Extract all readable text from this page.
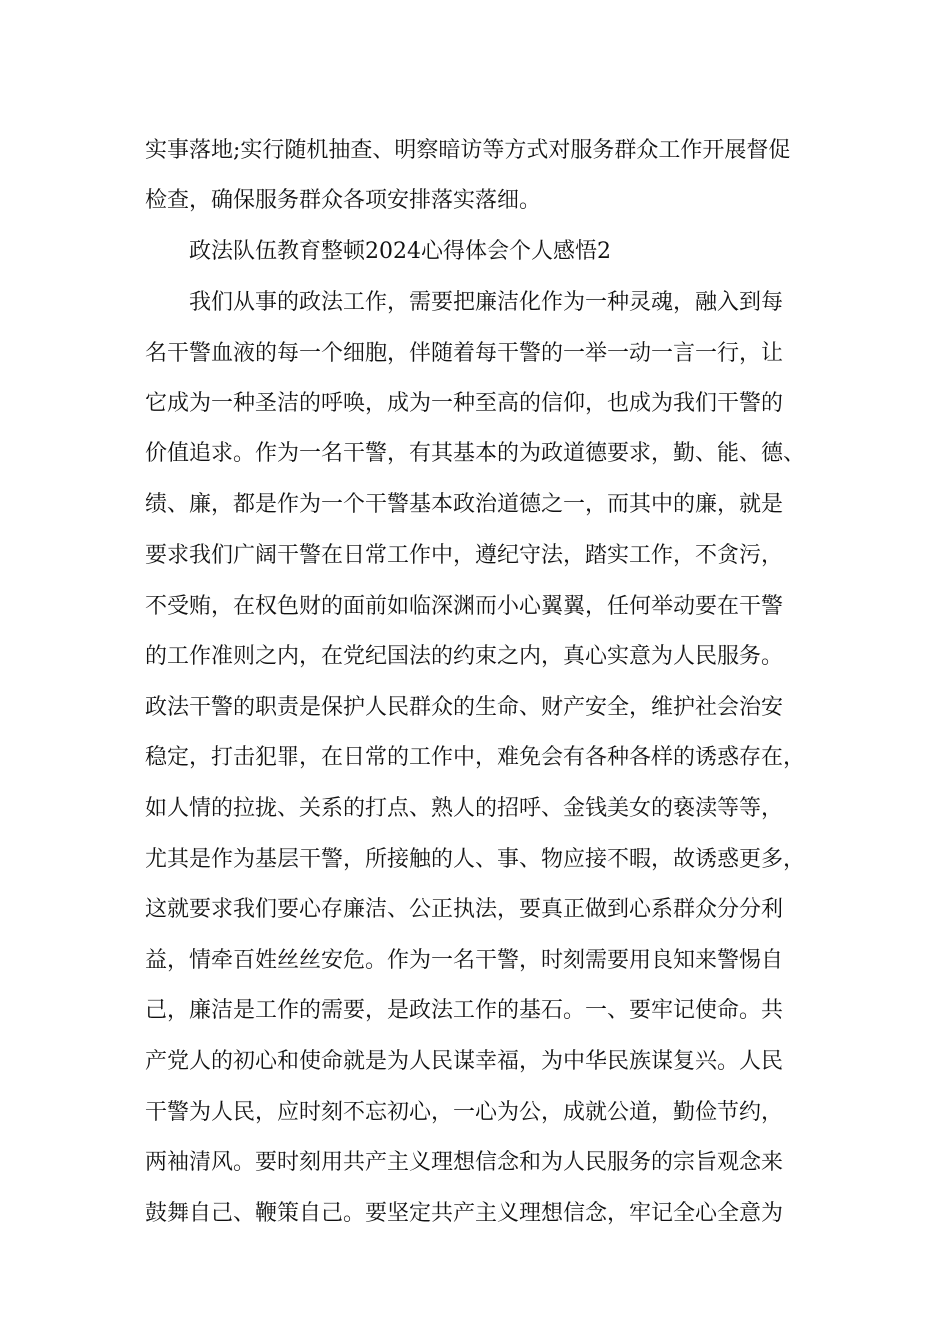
实事落地;实行随机抽查、明察暗访等方式对服务群众工作开展督促
检查，确保服务群众各项安排落实落细。
政法队伍教育整顿2024心得体会个人感悟2
我们从事的政法工作，需要把廉洁化作为一种灵魂，融入到每
名干警血液的每一个细胞，伴随着每干警的一举一动一言一行，让
它成为一种圣洁的呼唤，成为一种至高的信仰，也成为我们干警的
价值追求。作为一名干警，有其基本的为政道德要求，勤、能、德、
绩、廉，都是作为一个干警基本政治道德之一，而其中的廉，就是
要求我们广阔干警在日常工作中，遵纪守法，踏实工作，不贪污，
不受贿，在权色财的面前如临深渊而小心翼翼，任何举动要在干警
的工作准则之内，在党纪国法的约束之内，真心实意为人民服务。
政法干警的职责是保护人民群众的生命、财产安全，维护社会治安
稳定，打击犯罪，在日常的工作中，难免会有各种各样的诱惑存在，
如人情的拉拢、关系的打点、熟人的招呼、金钱美女的亵渎等等，
尤其是作为基层干警，所接触的人、事、物应接不暇，故诱惑更多，
这就要求我们要心存廉洁、公正执法，要真正做到心系群众分分利
益，情牵百姓丝丝安危。作为一名干警，时刻需要用良知来警惕自
己，廉洁是工作的需要，是政法工作的基石。一、要牢记使命。共
产党人的初心和使命就是为人民谋幸福，为中华民族谋复兴。人民
干警为人民，应时刻不忘初心，一心为公，成就公道，勤俭节约，
两袖清风。要时刻用共产主义理想信念和为人民服务的宗旨观念来
鼓舞自己、鞭策自己。要坚定共产主义理想信念，牢记全心全意为
